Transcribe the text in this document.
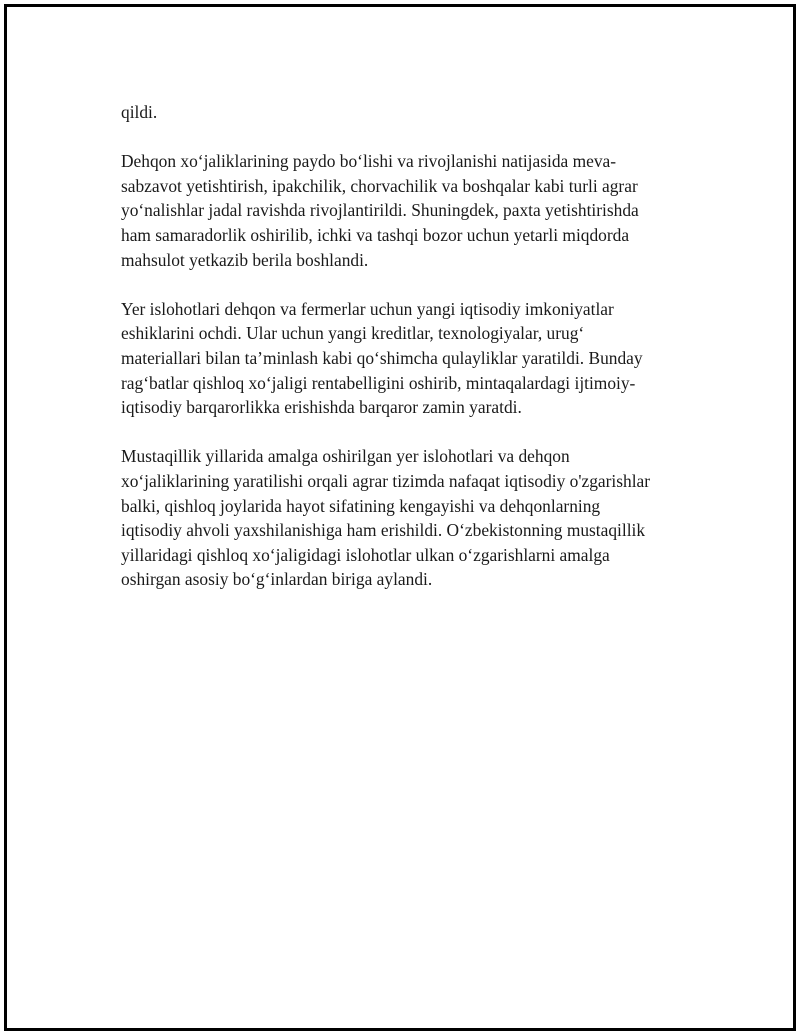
qildi.

Dehqon xo‘jaliklarining paydo bo‘lishi va rivojlanishi natijasida meva-
sabzavot yetishtirish, ipakchilik, chorvachilik va boshqalar kabi turli agrar
yo‘nalishlar jadal ravishda rivojlantirildi. Shuningdek, paxta yetishtirishda
ham samaradorlik oshirilib, ichki va tashqi bozor uchun yetarli miqdorda
mahsulot yetkazib berila boshlandi.

Yer islohotlari dehqon va fermerlar uchun yangi iqtisodiy imkoniyatlar
eshiklarini ochdi. Ular uchun yangi kreditlar, texnologiyalar, urug‘
materiallari bilan ta’minlash kabi qo‘shimcha qulayliklar yaratildi. Bunday
rag‘batlar qishloq xo‘jaligi rentabelligini oshirib, mintaqalardagi ijtimoiy-
iqtisodiy barqarorlikka erishishda barqaror zamin yaratdi.

Mustaqillik yillarida amalga oshirilgan yer islohotlari va dehqon
xo‘jaliklarining yaratilishi orqali agrar tizimda nafaqat iqtisodiy o'zgarishlar
balki, qishloq joylarida hayot sifatining kengayishi va dehqonlarning
iqtisodiy ahvoli yaxshilanishiga ham erishildi. O‘zbekistonning mustaqillik
yillaridagi qishloq xo‘jaligidagi islohotlar ulkan o‘zgarishlarni amalga
oshirgan asosiy bo‘g‘inlardan biriga aylandi.
